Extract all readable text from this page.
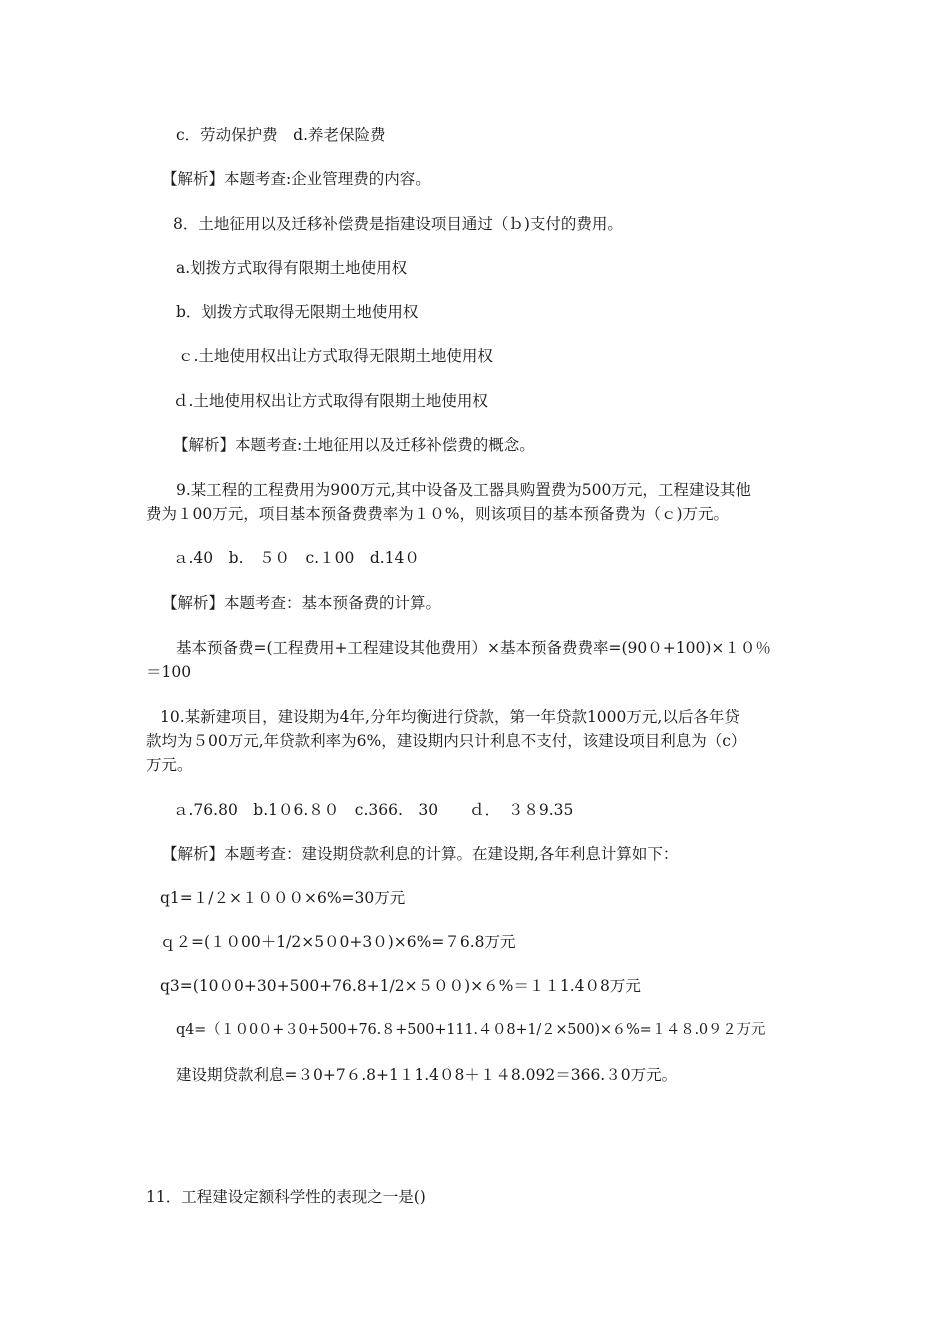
c．劳动保护费　d.养老保险费
【解析】本题考查:企业管理费的内容。
8．土地征用以及迁移补偿费是指建设项目通过（ｂ)支付的费用。
a.划拨方式取得有限期土地使用权
b．划拨方式取得无限期土地使用权
ｃ.土地使用权出让方式取得无限期土地使用权
ｄ.土地使用权出让方式取得有限期土地使用权
【解析】本题考查:土地征用以及迁移补偿费的概念。
9.某工程的工程费用为900万元,其中设备及工器具购置费为500万元，工程建设其他
费为１00万元，项目基本预备费费率为１０%，则该项目的基本预备费为（ｃ)万元。
ａ.40　b.　５０　c.１00　d.14０
【解析】本题考查：基本预备费的计算。
基本预备费=(工程费用+工程建设其他费用）×基本预备费费率=(90０+100)×１０％
＝100
10.某新建项目，建设期为4年,分年均衡进行贷款，第一年贷款1000万元,以后各年贷
款均为５00万元,年贷款利率为6%，建设期内只计利息不支付，该建设项目利息为（c）
万元。
ａ.76.80　b.1０6.８０　c.366.　30　　ｄ．　３８9.35
【解析】本题考查：建设期贷款利息的计算。在建设期,各年利息计算如下：
q1=１/２×１０００×6%=30万元
ｑ２=(１０00＋1/2×5０0+3０)×6%=７6.8万元
q3=(10０0+30+500+76.8+1/2×５００)×６%＝１１1.4０8万元
q4=（１０0０+３0+500+76.８+500+111.４０8+1/２×500)×６%=１４８.0９２万元
建设期贷款利息=３0+7６.8+1１1.4０8＋１４8.092＝366.３0万元。
11．工程建设定额科学性的表现之一是()
